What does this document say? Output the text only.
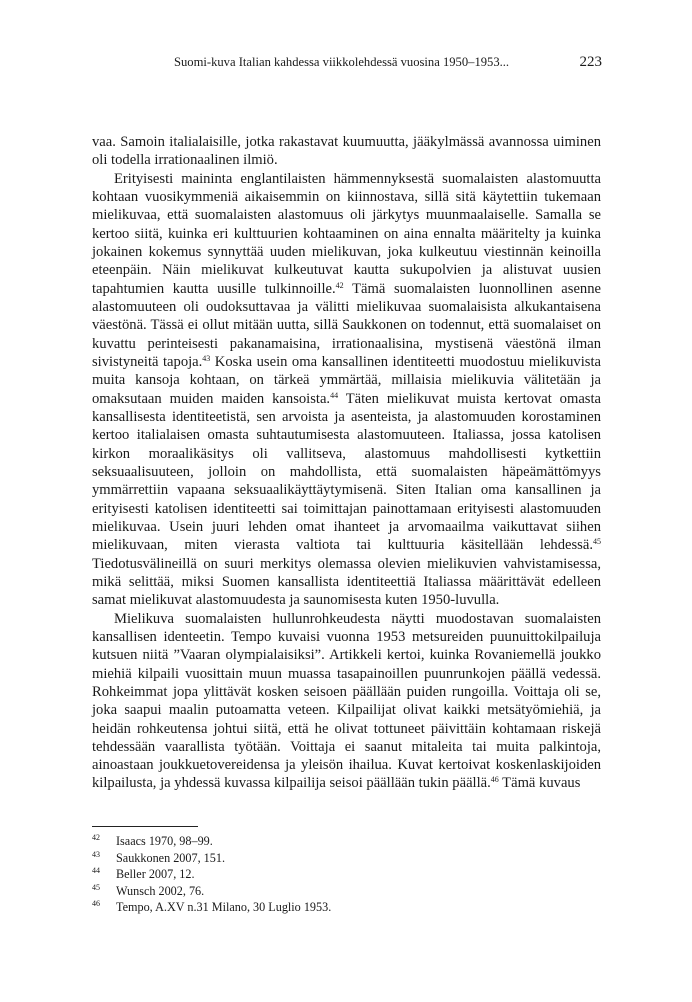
Suomi-kuva Italian kahdessa viikkolehdessä vuosina 1950–1953...	223

vaa. Samoin italialaisille, jotka rakastavat kuumuutta, jääkylmässä avannossa uiminen oli todella irrationaalinen ilmiö.

Erityisesti maininta englantilaisten hämmennyksestä suomalaisten alastomuutta kohtaan vuosikymmeniä aikaisemmin on kiinnostava, sillä sitä käytettiin tukemaan mielikuvaa, että suomalaisten alastomuus oli järkytys muunmaalaiselle. Samalla se kertoo siitä, kuinka eri kulttuurien kohtaaminen on aina ennalta määritelty ja kuinka jokainen kokemus synnyttää uuden mielikuvan, joka kulkeutuu viestinnän keinoilla eteenpäin. Näin mielikuvat kulkeutuvat kautta sukupolvien ja alistuvat uusien tapahtumien kautta uusille tulkinnoille.$^{42}$ Tämä suomalaisten luonnollinen asenne alastomuuteen oli oudoksuttavaa ja välitti mielikuvaa suomalaisista alkukantaisena väestönä. Tässä ei ollut mitään uutta, sillä Saukkonen on todennut, että suomalaiset on kuvattu perinteisesti pakanamaisina, irrationaalisina, mystisenä väestönä ilman sivistyneitä tapoja.$^{43}$ Koska usein oma kansallinen identiteetti muodostuu mielikuvista muita kansoja kohtaan, on tärkeä ymmärtää, millaisia mielikuvia välitetään ja omaksutaan muiden maiden kansoista.$^{44}$ Täten mielikuvat muista kertovat omasta kansallisesta identiteetistä, sen arvoista ja asenteista, ja alastomuuden korostaminen kertoo italialaisen omasta suhtautumisesta alastomuuteen. Italiassa, jossa katolisen kirkon moraalikäsitys oli vallitseva, alastomuus mahdollisesti kytkettiin seksuaalisuuteen, jolloin on mahdollista, että suomalaisten häpeämättömyys ymmärrettiin vapaana seksuaalikäyttäytymisenä. Siten Italian oma kansallinen ja erityisesti katolisen identiteetti sai toimittajan painottamaan erityisesti alastomuuden mielikuvaa. Usein juuri lehden omat ihanteet ja arvomaailma vaikuttavat siihen mielikuvaan, miten vierasta valtiota tai kulttuuria käsitellään lehdessä.$^{45}$ Tiedotusvälineillä on suuri merkitys olemassa olevien mielikuvien vahvistamisessa, mikä selittää, miksi Suomen kansallista identiteettiä Italiassa määrittävät edelleen samat mielikuvat alastomuudesta ja saunomisesta kuten 1950-luvulla.

Mielikuva suomalaisten hullunrohkeudesta näytti muodostavan suomalaisten kansallisen identeetin. Tempo kuvaisi vuonna 1953 metsureiden puunuittokilpailuja kutsuen niitä ”Vaaran olympialaisiksi”. Artikkeli kertoi, kuinka Rovaniemellä joukko miehiä kilpaili vuosittain muun muassa tasapainoillen puunrunkojen päällä vedessä. Rohkeimmat jopa ylittävät kosken seisoen päällään puiden rungoilla. Voittaja oli se, joka saapui maalin putoamatta veteen. Kilpailijat olivat kaikki metsätyömiehiä, ja heidän rohkeutensa johtui siitä, että he olivat tottuneet päivittäin kohtamaan riskejä tehdessään vaarallista työtään. Voittaja ei saanut mitaleita tai muita palkintoja, ainoastaan joukkuetovereidensa ja yleisön ihailua. Kuvat kertoivat koskenlaskijoiden kilpailusta, ja yhdessä kuvassa kilpailija seisoi päällään tukin päällä.$^{46}$ Tämä kuvaus

42 Isaacs 1970, 98–99.
43 Saukkonen 2007, 151.
44 Beller 2007, 12.
45 Wunsch 2002, 76.
46 Tempo, A.XV n.31 Milano, 30 Luglio 1953.
